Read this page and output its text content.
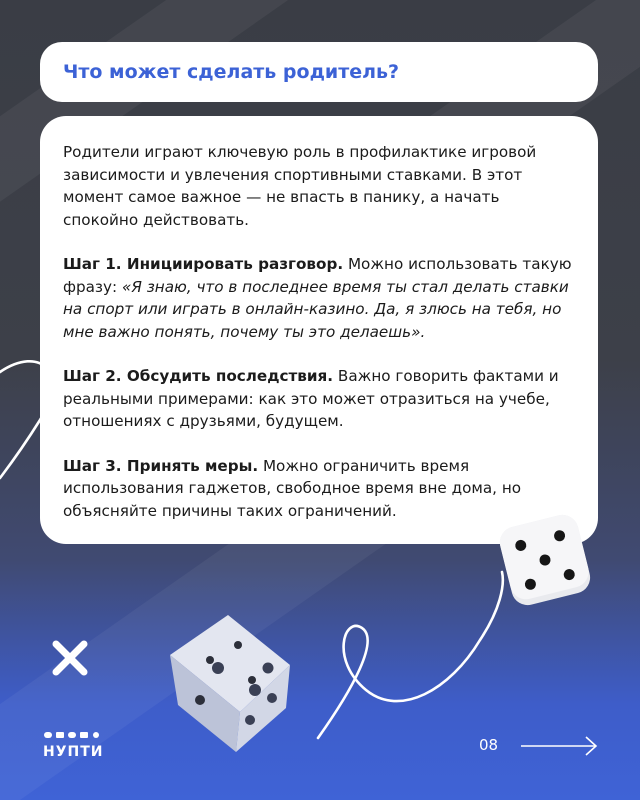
Что может сделать родитель?

Родители играют ключевую роль в профилактике игровой зависимости и увлечения спортивными ставками. В этот момент самое важное — не впасть в панику, а начать спокойно действовать.

Шаг 1. Инициировать разговор. Можно использовать такую фразу: «Я знаю, что в последнее время ты стал делать ставки на спорт или играть в онлайн-казино. Да, я злюсь на тебя, но мне важно понять, почему ты это делаешь».

Шаг 2. Обсудить последствия. Важно говорить фактами и реальными примерами: как это может отразиться на учебе, отношениях с друзьями, будущем.

Шаг 3. Принять меры. Можно ограничить время использования гаджетов, свободное время вне дома, но объясняйте причины таких ограничений.

НУПТИ	08
